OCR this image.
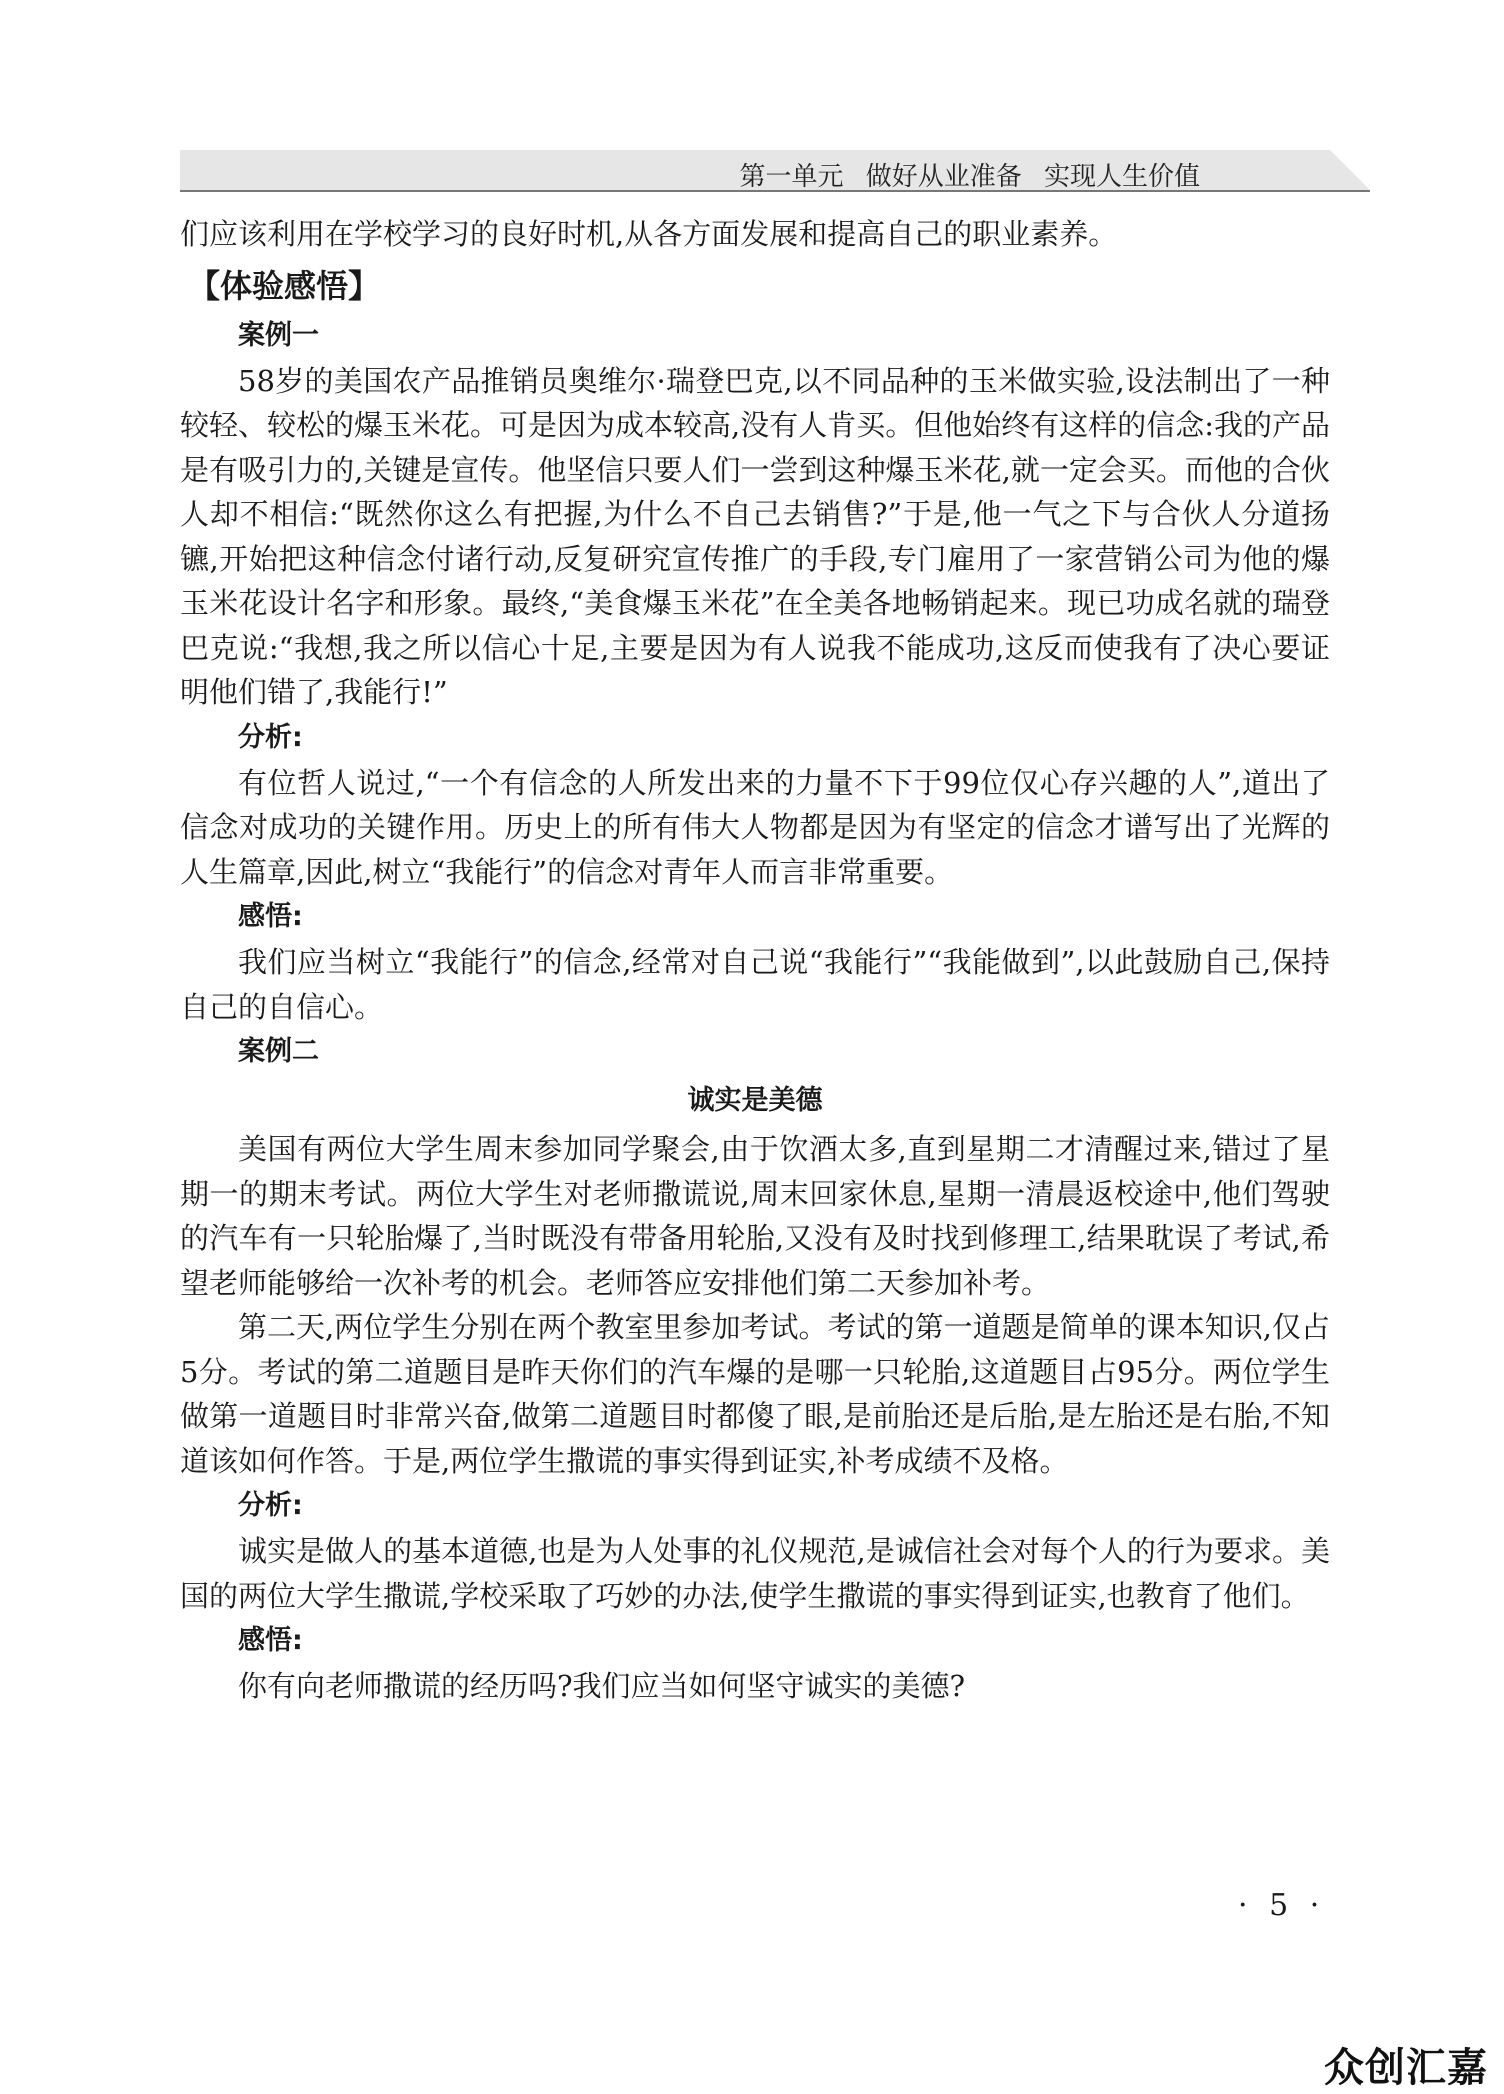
第一单元 做好从业准备 实现人生价值

们应该利用在学校学习的良好时机,从各方面发展和提高自己的职业素养。

【体验感悟】
案例一

58岁的美国农产品推销员奥维尔·瑞登巴克,以不同品种的玉米做实验,设法制出了一种较轻、较松的爆玉米花。可是因为成本较高,没有人肯买。但他始终有这样的信念:我的产品是有吸引力的,关键是宣传。他坚信只要人们一尝到这种爆玉米花,就一定会买。而他的合伙人却不相信:“既然你这么有把握,为什么不自己去销售?”于是,他一气之下与合伙人分道扬镳,开始把这种信念付诸行动,反复研究宣传推广的手段,专门雇用了一家营销公司为他的爆玉米花设计名字和形象。最终,“美食爆玉米花”在全美各地畅销起来。现已功成名就的瑞登巴克说:“我想,我之所以信心十足,主要是因为有人说我不能成功,这反而使我有了决心要证明他们错了,我能行!”

分析:

有位哲人说过,“一个有信念的人所发出来的力量不下于99位仅心存兴趣的人”,道出了信念对成功的关键作用。历史上的所有伟大人物都是因为有坚定的信念才谱写出了光辉的人生篇章,因此,树立“我能行”的信念对青年人而言非常重要。

感悟:

我们应当树立“我能行”的信念,经常对自己说“我能行”“我能做到”,以此鼓励自己,保持自己的自信心。

案例二
诚实是美德

美国有两位大学生周末参加同学聚会,由于饮酒太多,直到星期二才清醒过来,错过了星期一的期末考试。两位大学生对老师撒谎说,周末回家休息,星期一清晨返校途中,他们驾驶的汽车有一只轮胎爆了,当时既没有带备用轮胎,又没有及时找到修理工,结果耽误了考试,希望老师能够给一次补考的机会。老师答应安排他们第二天参加补考。

第二天,两位学生分别在两个教室里参加考试。考试的第一道题是简单的课本知识,仅占5分。考试的第二道题目是昨天你们的汽车爆的是哪一只轮胎,这道题目占95分。两位学生做第一道题目时非常兴奋,做第二道题目时都傻了眼,是前胎还是后胎,是左胎还是右胎,不知道该如何作答。于是,两位学生撒谎的事实得到证实,补考成绩不及格。

分析:

诚实是做人的基本道德,也是为人处事的礼仪规范,是诚信社会对每个人的行为要求。美国的两位大学生撒谎,学校采取了巧妙的办法,使学生撒谎的事实得到证实,也教育了他们。

感悟:

你有向老师撒谎的经历吗?我们应当如何坚守诚实的美德?

· 5 ·
众创汇嘉
